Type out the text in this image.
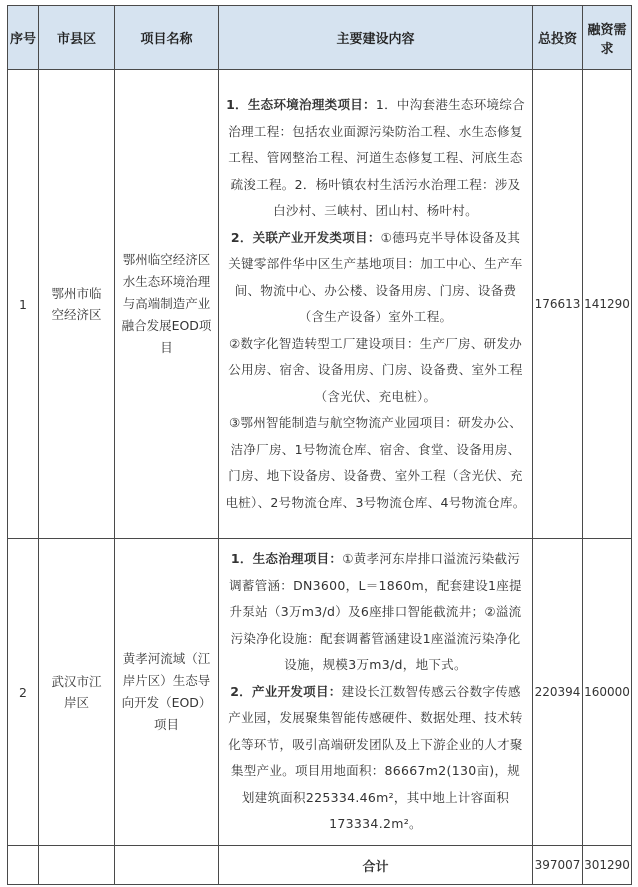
序号	市县区	项目名称	主要建设内容	总投资	融资需求
1	鄂州市临空经济区	鄂州临空经济区水生态环境治理与高端制造产业融合发展EOD项目	1．生态环境治理类项目：1．中沟套港生态环境综合治理工程：包括农业面源污染防治工程、水生态修复工程、管网整治工程、河道生态修复工程、河底生态疏浚工程。2．杨叶镇农村生活污水治理工程：涉及白沙村、三峡村、团山村、杨叶村。

2．关联产业开发类项目：①德玛克半导体设备及其关键零部件华中区生产基地项目：加工中心、生产车间、物流中心、办公楼、设备用房、门房、设备费（含生产设备）室外工程。

②数字化智造转型工厂建设项目：生产厂房、研发办公用房、宿舍、设备用房、门房、设备费、室外工程（含光伏、充电桩）。

③鄂州智能制造与航空物流产业园项目：研发办公、洁净厂房、1号物流仓库、宿舍、食堂、设备用房、门房、地下设备房、设备费、室外工程（含光伏、充电桩）、2号物流仓库、3号物流仓库、4号物流仓库。	176613	141290
2	武汉市江岸区	黄孝河流域（江岸片区）生态导向开发（EOD）项目	1．生态治理项目：①黄孝河东岸排口溢流污染截污调蓄管涵：DN3600，L＝1860m，配套建设1座提升泵站（3万m3/d）及6座排口智能截流井；②溢流污染净化设施：配套调蓄管涵建设1座溢流污染净化设施，规模3万m3/d，地下式。

2．产业开发项目：建设长江数智传感云谷数字传感产业园，发展聚集智能传感硬件、数据处理、技术转化等环节，吸引高端研发团队及上下游企业的人才聚集型产业。项目用地面积：86667m2(130亩)，规划建筑面积225334.46m²，其中地上计容面积173334.2m²。	220394	160000
			合计	397007	301290
